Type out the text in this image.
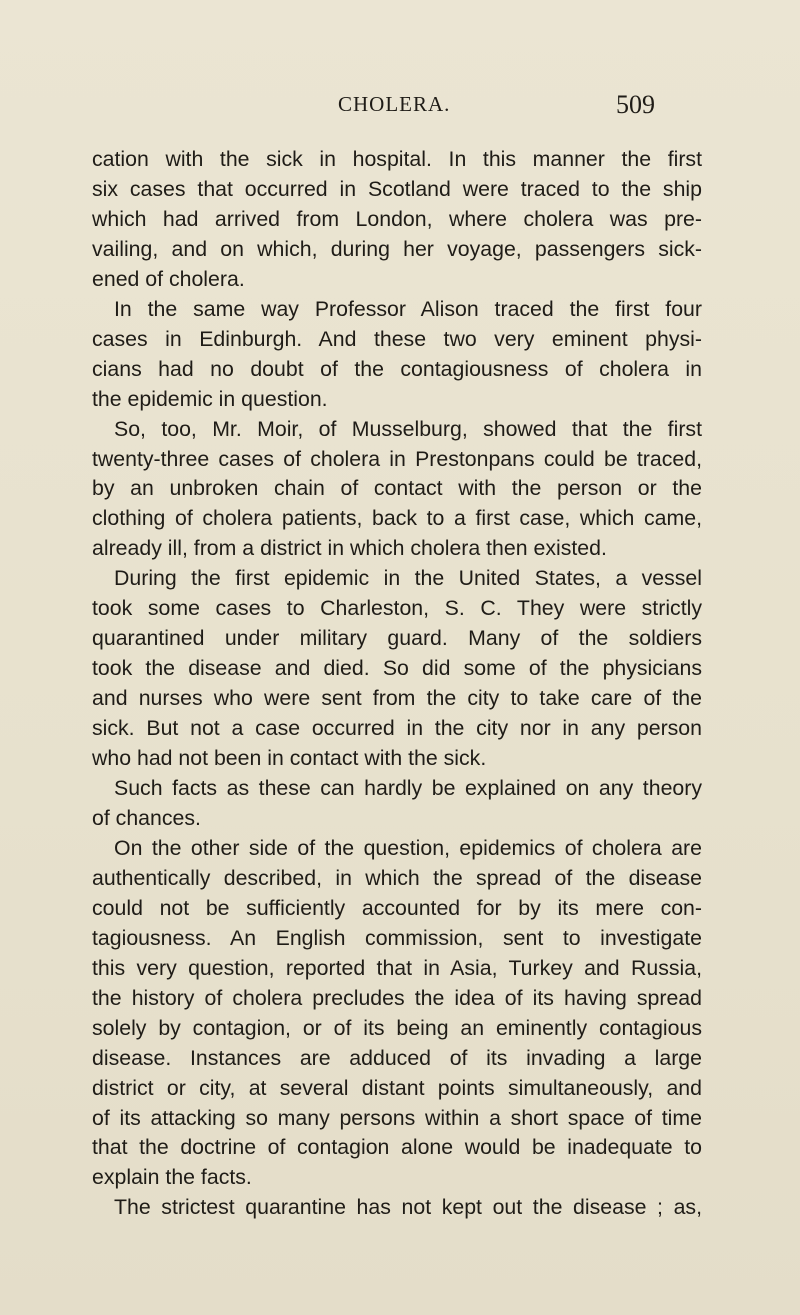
CHOLERA.	509
cation with the sick in hospital. In this manner the first
six cases that occurred in Scotland were traced to the ship
which had arrived from London, where cholera was pre-
vailing, and on which, during her voyage, passengers sick-
ened of cholera.
In the same way Professor Alison traced the first four
cases in Edinburgh. And these two very eminent physi-
cians had no doubt of the contagiousness of cholera in
the epidemic in question.
So, too, Mr. Moir, of Musselburg, showed that the first
twenty-three cases of cholera in Prestonpans could be traced,
by an unbroken chain of contact with the person or the
clothing of cholera patients, back to a first case, which came,
already ill, from a district in which cholera then existed.
During the first epidemic in the United States, a vessel
took some cases to Charleston, S. C. They were strictly
quarantined under military guard. Many of the soldiers
took the disease and died. So did some of the physicians
and nurses who were sent from the city to take care of the
sick. But not a case occurred in the city nor in any person
who had not been in contact with the sick.
Such facts as these can hardly be explained on any theory
of chances.
On the other side of the question, epidemics of cholera are
authentically described, in which the spread of the disease
could not be sufficiently accounted for by its mere con-
tagiousness. An English commission, sent to investigate
this very question, reported that in Asia, Turkey and Russia,
the history of cholera precludes the idea of its having spread
solely by contagion, or of its being an eminently contagious
disease. Instances are adduced of its invading a large
district or city, at several distant points simultaneously, and
of its attacking so many persons within a short space of time
that the doctrine of contagion alone would be inadequate to
explain the facts.
The strictest quarantine has not kept out the disease ; as,
